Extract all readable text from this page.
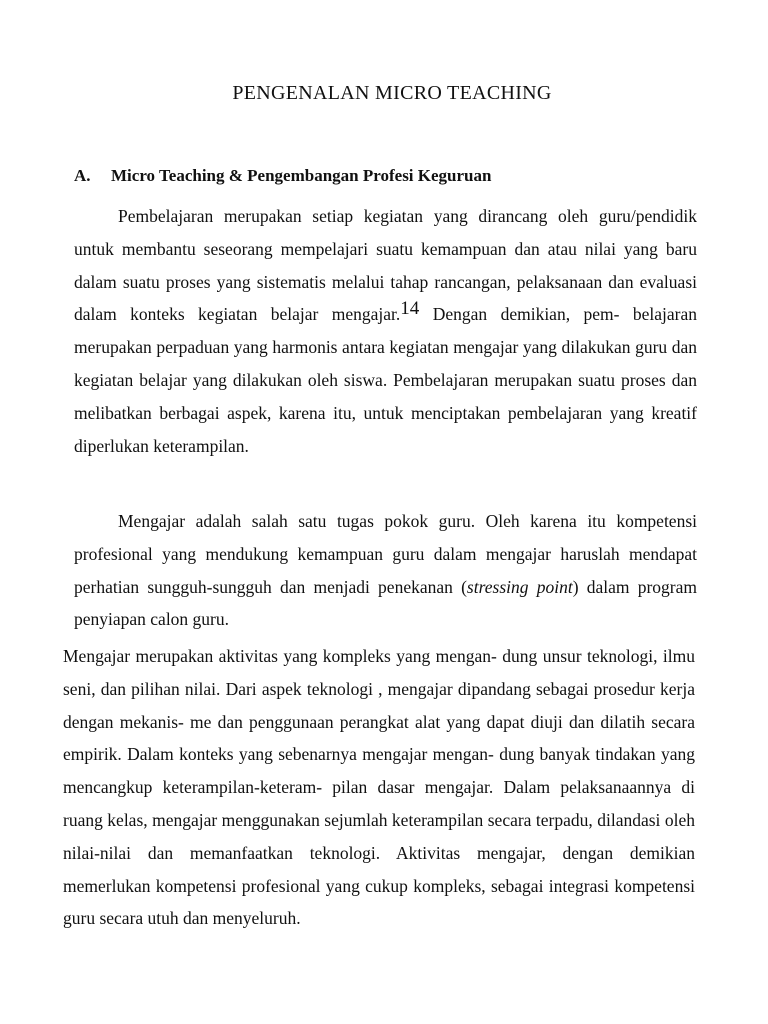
PENGENALAN MICRO TEACHING
A. Micro Teaching & Pengembangan Profesi Keguruan

Pembelajaran merupakan setiap kegiatan yang dirancang oleh guru/pendidik untuk membantu seseorang mempelajari suatu kemampuan dan atau nilai yang baru dalam suatu proses yang sistematis melalui tahap rancangan, pelaksanaan dan evaluasi dalam konteks kegiatan belajar mengajar.$^{14}$ Dengan demikian, pem- belajaran merupakan perpaduan yang harmonis antara kegiatan mengajar yang dilakukan guru dan kegiatan belajar yang dilakukan oleh siswa. Pembelajaran merupakan suatu proses dan melibatkan berbagai aspek, karena itu, untuk menciptakan pembelajaran yang kreatif diperlukan keterampilan.

Mengajar adalah salah satu tugas pokok guru. Oleh karena itu kompetensi profesional yang mendukung kemampuan guru dalam mengajar haruslah mendapat perhatian sungguh-sungguh dan menjadi penekanan (stressing point) dalam program penyiapan calon guru.

Mengajar merupakan aktivitas yang kompleks yang mengan- dung unsur teknologi, ilmu seni, dan pilihan nilai. Dari aspek teknologi , mengajar dipandang sebagai prosedur kerja dengan mekanis- me dan penggunaan perangkat alat yang dapat diuji dan dilatih secara empirik. Dalam konteks yang sebenarnya mengajar mengan- dung banyak tindakan yang mencangkup keterampilan-keteram- pilan dasar mengajar. Dalam pelaksanaannya di ruang kelas, mengajar menggunakan sejumlah keterampilan secara terpadu, dilandasi oleh nilai-nilai dan memanfaatkan teknologi. Aktivitas mengajar, dengan demikian memerlukan kompetensi profesional yang cukup kompleks, sebagai integrasi kompetensi guru secara utuh dan menyeluruh.
